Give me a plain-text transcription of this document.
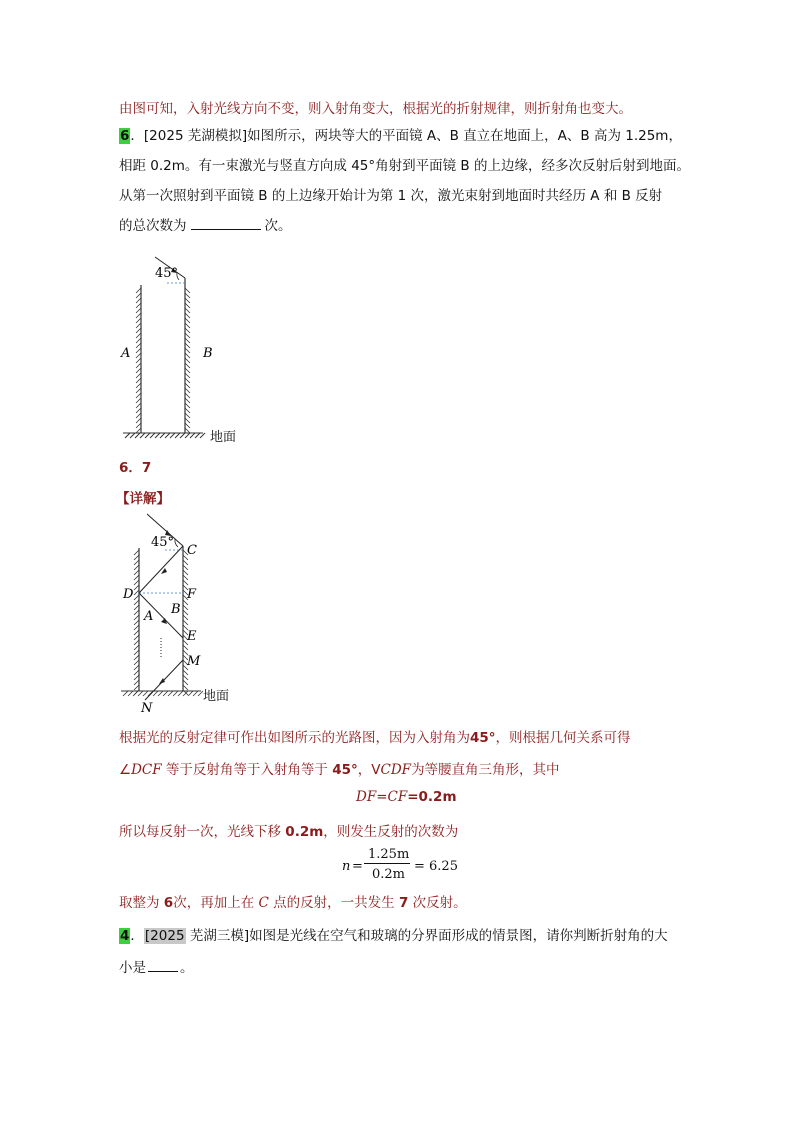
由图可知，入射光线方向不变，则入射角变大，根据光的折射规律，则折射角也变大。
6．[2025 芜湖模拟]如图所示，两块等大的平面镜 A、B 直立在地面上，A、B 高为 1.25m，
相距 0.2m。有一束激光与竖直方向成 45°角射到平面镜 B 的上边缘，经多次反射后射到地面。
从第一次照射到平面镜 B 的上边缘开始计为第 1 次，激光束射到地面时共经历 A 和 B 反射
的总次数为	次。
45°
A	B
地面
6．7
【详解】
45°
C
D	F
B
A
E
M
N
地面
根据光的反射定律可作出如图所示的光路图，因为入射角为45°，则根据几何关系可得
∠DCF 等于反射角等于入射角等于 45°，VCDF为等腰直角三角形，其中
DF=CF=0.2m
所以每反射一次，光线下移 0.2m，则发生反射的次数为
n =
1.25m
0.2m
= 6.25
取整为 6次，再加上在 C 点的反射，一共发生 7 次反射。
4．[2025 芜湖三模]如图是光线在空气和玻璃的分界面形成的情景图，请你判断折射角的大
小是	。
